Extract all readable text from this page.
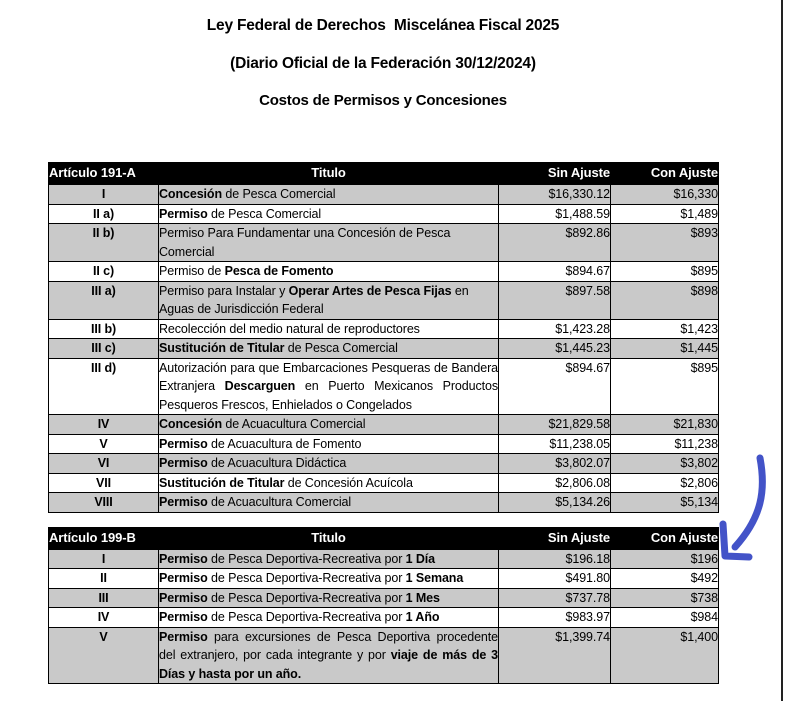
Ley Federal de Derechos  Miscelánea Fiscal 2025
(Diario Oficial de la Federación 30/12/2024)
Costos de Permisos y Concesiones
Artículo 191-A	Titulo	Sin Ajuste	Con Ajuste
I	Concesión de Pesca Comercial	$16,330.12	$16,330
II a)	Permiso de Pesca Comercial	$1,488.59	$1,489
II b)	Permiso Para Fundamentar una Concesión de Pesca Comercial	$892.86	$893
II c)	Permiso de Pesca de Fomento	$894.67	$895
III a)	Permiso para Instalar y Operar Artes de Pesca Fijas en Aguas de Jurisdicción Federal	$897.58	$898
III b)	Recolección del medio natural de reproductores	$1,423.28	$1,423
III c)	Sustitución de Titular de Pesca Comercial	$1,445.23	$1,445
III d)	Autorización para que Embarcaciones Pesqueras de Bandera Extranjera Descarguen en Puerto Mexicanos Productos Pesqueros Frescos, Enhielados o Congelados	$894.67	$895
IV	Concesión de Acuacultura Comercial	$21,829.58	$21,830
V	Permiso de Acuacultura de Fomento	$11,238.05	$11,238
VI	Permiso de Acuacultura Didáctica	$3,802.07	$3,802
VII	Sustitución de Titular de Concesión Acuícola	$2,806.08	$2,806
VIII	Permiso de Acuacultura Comercial	$5,134.26	$5,134
Artículo 199-B	Titulo	Sin Ajuste	Con Ajuste
I	Permiso de Pesca Deportiva-Recreativa por 1 Día	$196.18	$196
II	Permiso de Pesca Deportiva-Recreativa por 1 Semana	$491.80	$492
III	Permiso de Pesca Deportiva-Recreativa por 1 Mes	$737.78	$738
IV	Permiso de Pesca Deportiva-Recreativa por 1 Año	$983.97	$984
V	Permiso para excursiones de Pesca Deportiva procedente del extranjero, por cada integrante y por viaje de más de 3 Días y hasta por un año.	$1,399.74	$1,400
